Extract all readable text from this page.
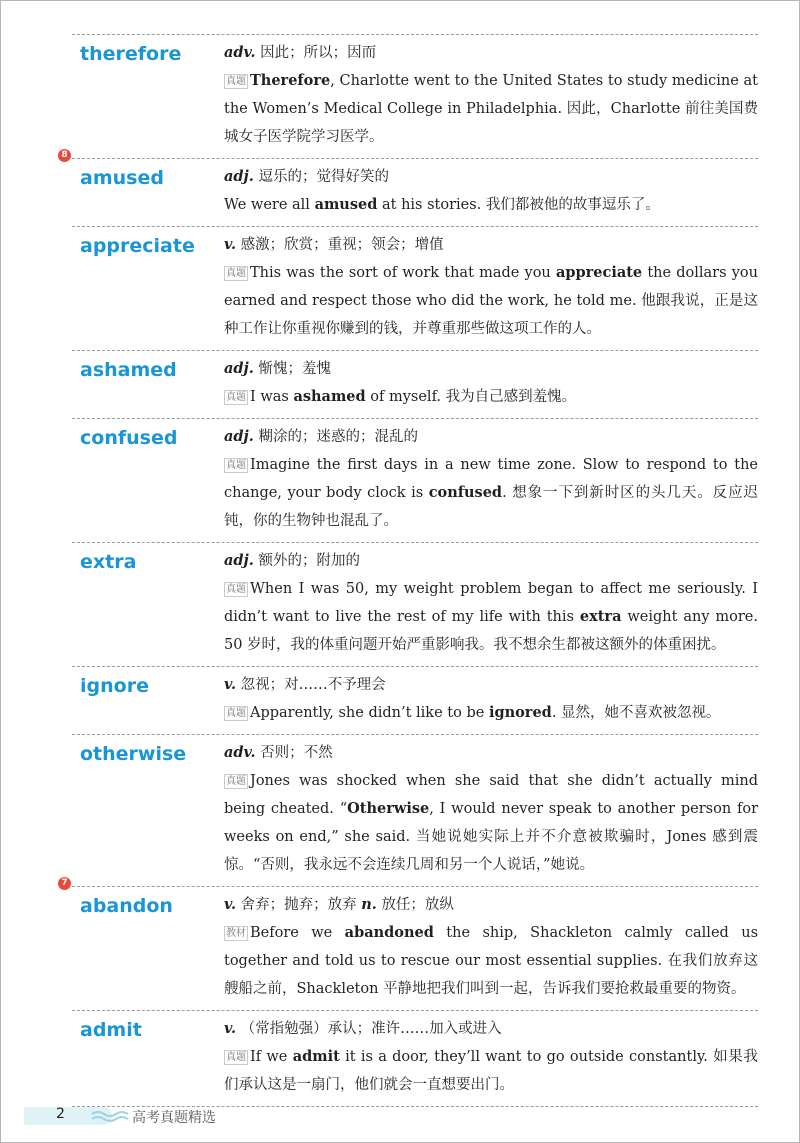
therefore	adv. 因此；所以；因而
真题 Therefore, Charlotte went to the United States to study medicine at the Women’s Medical College in Philadelphia. 因此，Charlotte 前往美国费城女子医学院学习医学。
8
amused	adj. 逗乐的；觉得好笑的
We were all amused at his stories. 我们都被他的故事逗乐了。
appreciate v. 感激；欣赏；重视；领会；增值
真题 This was the sort of work that made you appreciate the dollars you earned and respect those who did the work, he told me. 他跟我说，正是这种工作让你重视你赚到的钱，并尊重那些做这项工作的人。
ashamed	adj. 惭愧；羞愧
真题 I was ashamed of myself. 我为自己感到羞愧。
confused	adj. 糊涂的；迷惑的；混乱的
真题 Imagine the first days in a new time zone. Slow to respond to the change, your body clock is confused. 想象一下到新时区的头几天。反应迟钝，你的生物钟也混乱了。
extra	adj. 额外的；附加的
真题 When I was 50, my weight problem began to affect me seriously. I didn’t want to live the rest of my life with this extra weight any more. 50 岁时，我的体重问题开始严重影响我。我不想余生都被这额外的体重困扰。
ignore	v. 忽视；对……不予理会
真题 Apparently, she didn’t like to be ignored. 显然，她不喜欢被忽视。
otherwise	adv. 否则；不然
真题 Jones was shocked when she said that she didn’t actually mind being cheated. “Otherwise, I would never speak to another person for weeks on end,” she said. 当她说她实际上并不介意被欺骗时，Jones 感到震惊。“否则，我永远不会连续几周和另一个人说话，”她说。
7
abandon	v. 舍弃；抛弃；放弃 n. 放任；放纵
教材 Before we abandoned the ship, Shackleton calmly called us together and told us to rescue our most essential supplies. 在我们放弃这艘船之前，Shackleton 平静地把我们叫到一起，告诉我们要抢救最重要的物资。
admit	v. （常指勉强）承认；准许……加入或进入
真题 If we admit it is a door, they’ll want to go outside constantly. 如果我们承认这是一扇门，他们就会一直想要出门。
2	高考真题精选
